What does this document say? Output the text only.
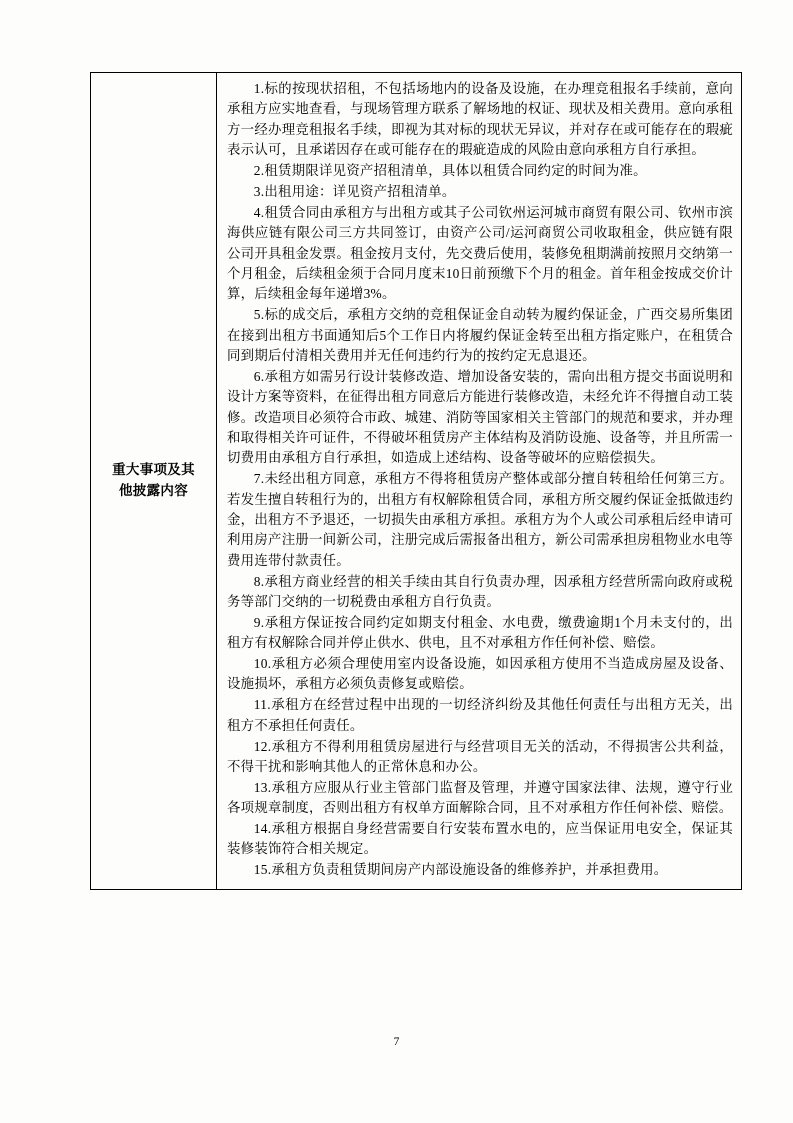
重大事项及其
他披露内容

1.标的按现状招租，不包括场地内的设备及设施，在办理竞租报名手续前，意向承租方应实地查看，与现场管理方联系了解场地的权证、现状及相关费用。意向承租方一经办理竞租报名手续，即视为其对标的现状无异议，并对存在或可能存在的瑕疵表示认可，且承诺因存在或可能存在的瑕疵造成的风险由意向承租方自行承担。

2.租赁期限详见资产招租清单，具体以租赁合同约定的时间为准。

3.出租用途：详见资产招租清单。

4.租赁合同由承租方与出租方或其子公司钦州运河城市商贸有限公司、钦州市滨海供应链有限公司三方共同签订，由资产公司/运河商贸公司收取租金，供应链有限公司开具租金发票。租金按月支付，先交费后使用，装修免租期满前按照月交纳第一个月租金，后续租金须于合同月度末10日前预缴下个月的租金。首年租金按成交价计算，后续租金每年递增3%。

5.标的成交后，承租方交纳的竞租保证金自动转为履约保证金，广西交易所集团在接到出租方书面通知后5个工作日内将履约保证金转至出租方指定账户，在租赁合同到期后付清相关费用并无任何违约行为的按约定无息退还。

6.承租方如需另行设计装修改造、增加设备安装的，需向出租方提交书面说明和设计方案等资料，在征得出租方同意后方能进行装修改造，未经允许不得擅自动工装修。改造项目必须符合市政、城建、消防等国家相关主管部门的规范和要求，并办理和取得相关许可证件，不得破坏租赁房产主体结构及消防设施、设备等，并且所需一切费用由承租方自行承担，如造成上述结构、设备等破坏的应赔偿损失。

7.未经出租方同意，承租方不得将租赁房产整体或部分擅自转租给任何第三方。若发生擅自转租行为的，出租方有权解除租赁合同，承租方所交履约保证金抵做违约金，出租方不予退还，一切损失由承租方承担。承租方为个人或公司承租后经申请可利用房产注册一间新公司，注册完成后需报备出租方，新公司需承担房租物业水电等费用连带付款责任。

8.承租方商业经营的相关手续由其自行负责办理，因承租方经营所需向政府或税务等部门交纳的一切税费由承租方自行负责。

9.承租方保证按合同约定如期支付租金、水电费，缴费逾期1个月未支付的，出租方有权解除合同并停止供水、供电，且不对承租方作任何补偿、赔偿。

10.承租方必须合理使用室内设备设施，如因承租方使用不当造成房屋及设备、设施损坏，承租方必须负责修复或赔偿。

11.承租方在经营过程中出现的一切经济纠纷及其他任何责任与出租方无关，出租方不承担任何责任。

12.承租方不得利用租赁房屋进行与经营项目无关的活动，不得损害公共利益，不得干扰和影响其他人的正常休息和办公。

13.承租方应服从行业主管部门监督及管理，并遵守国家法律、法规，遵守行业各项规章制度，否则出租方有权单方面解除合同，且不对承租方作任何补偿、赔偿。

14.承租方根据自身经营需要自行安装布置水电的，应当保证用电安全，保证其装修装饰符合相关规定。

15.承租方负责租赁期间房产内部设施设备的维修养护，并承担费用。

7
